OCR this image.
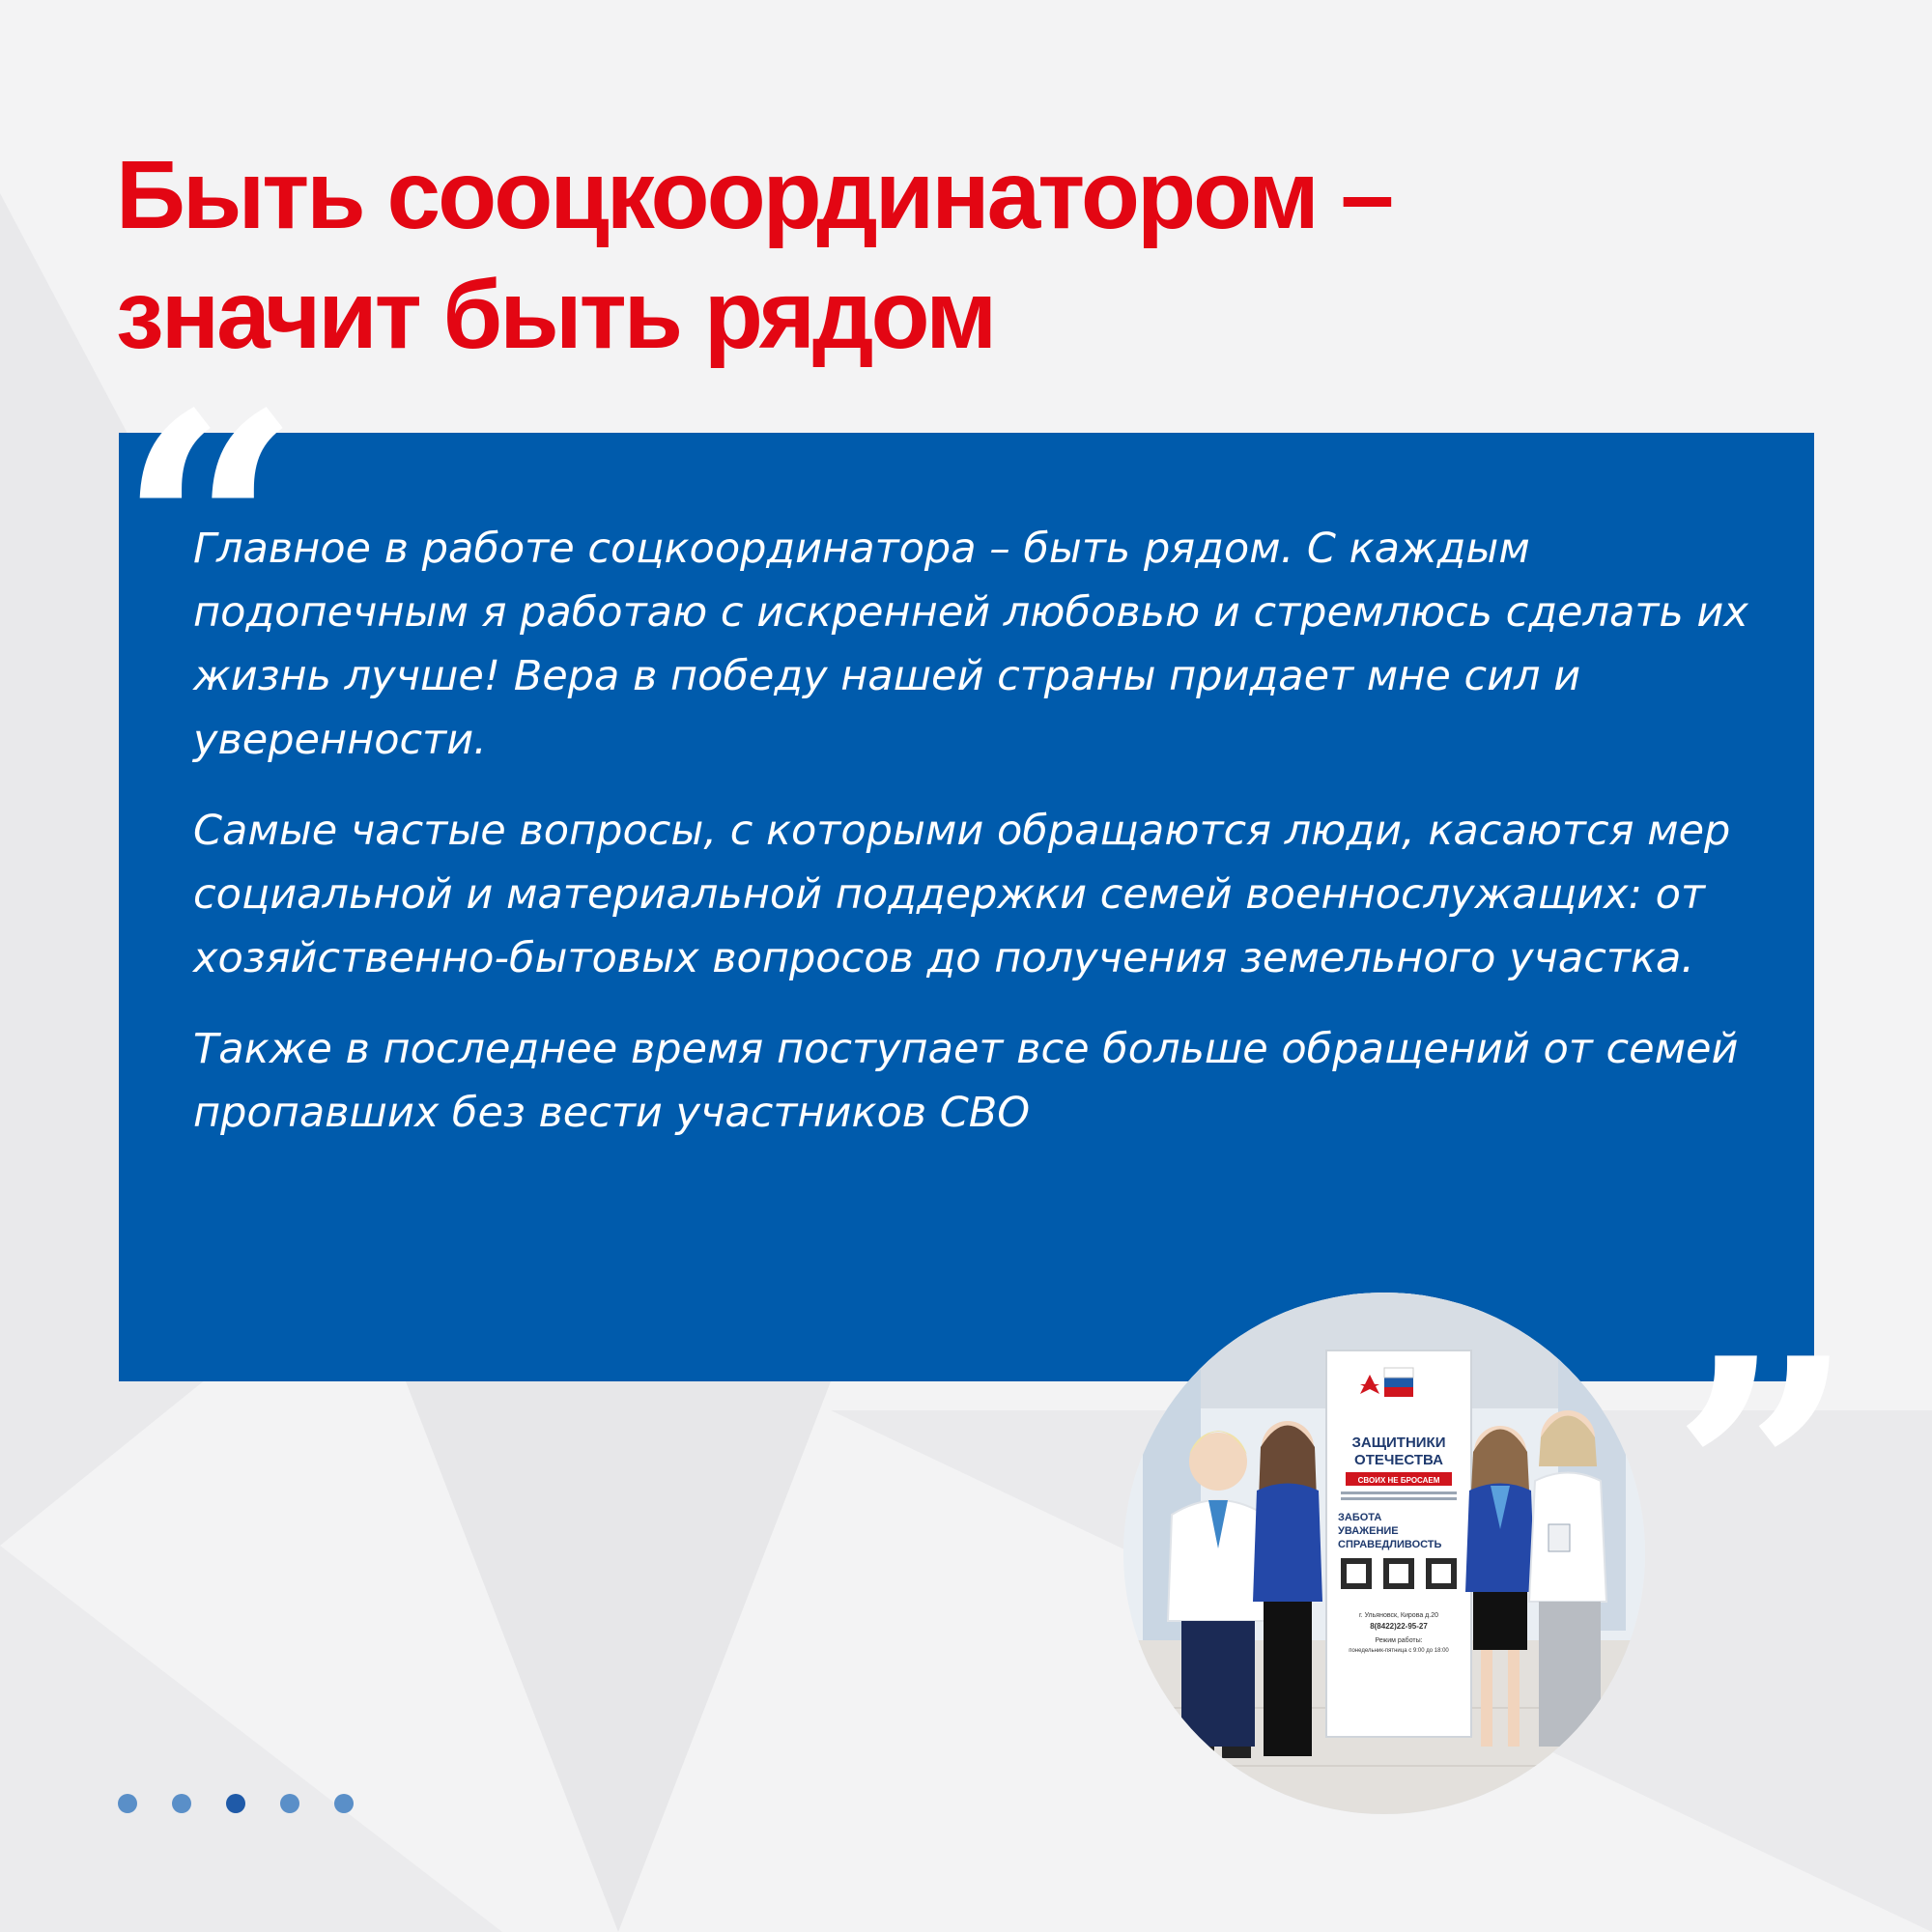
Быть сооцкоординатором –
значит быть рядом
“

Главное в работе соцкоординатора – быть рядом. С каждым подопечным я работаю с искренней любовью и стремлюсь сделать их жизнь лучше! Вера в победу нашей страны придает мне сил и уверенности.

Самые частые вопросы, с которыми обращаются люди, касаются мер социальной и материальной поддержки семей военнослужащих: от хозяйственно-бытовых вопросов до получения земельного участка.

Также в последнее время поступает все больше обращений от семей пропавших без вести участников СВО

”
ЗАЩИТНИКИ
ОТЕЧЕСТВА
СВОИХ НЕ БРОСАЕМ
ЗАБОТА
УВАЖЕНИЕ
СПРАВЕДЛИВОСТЬ
г. Ульяновск, Кирова д.20
8(8422)22-95-27
Режим работы:
понедельник-пятница с 9:00 до 18:00
